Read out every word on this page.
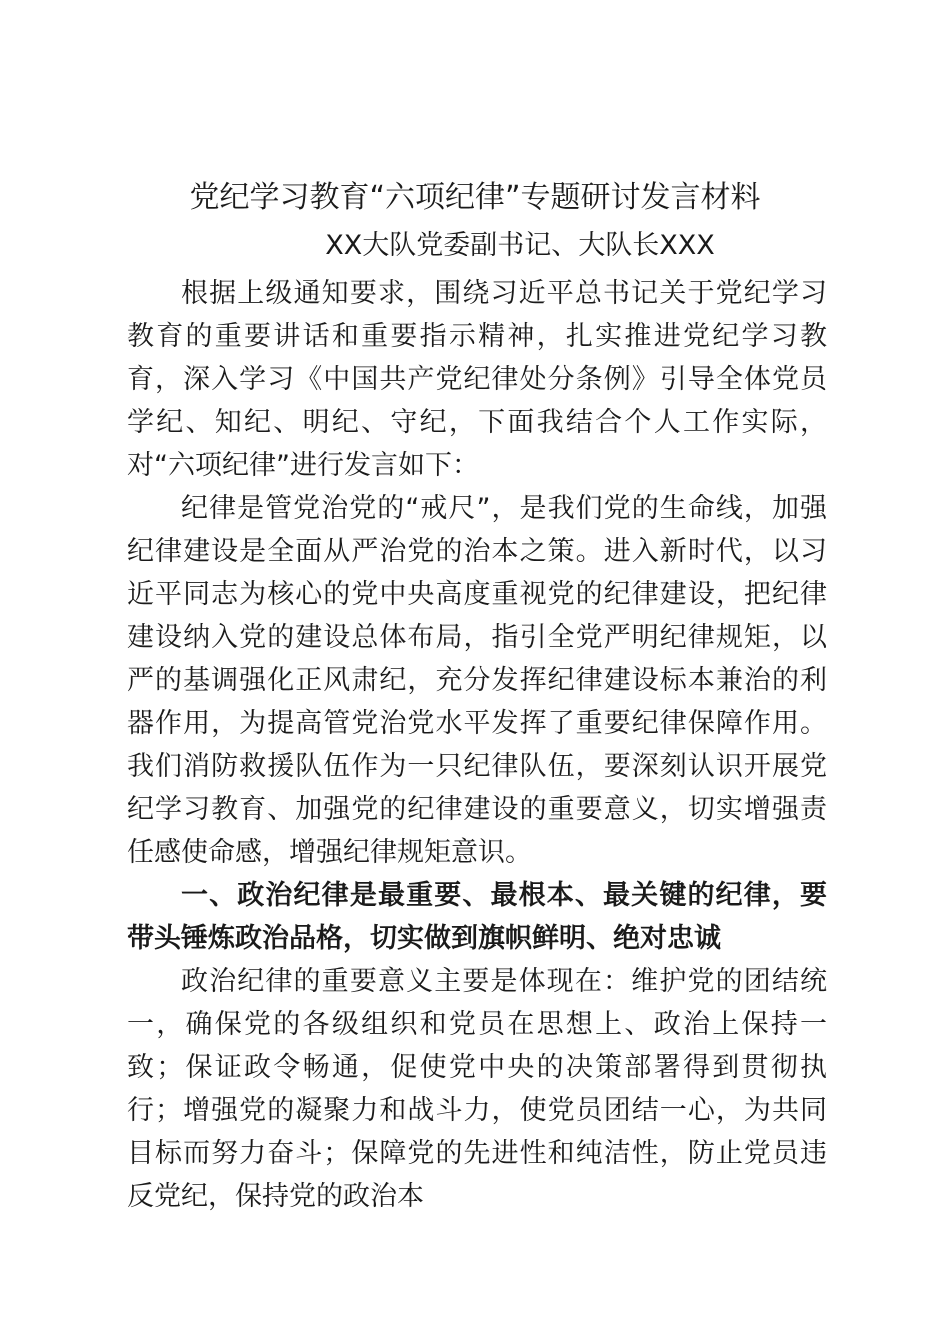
党纪学习教育“六项纪律”专题研讨发言材料
XX大队党委副书记、大队长XXX

根据上级通知要求，围绕习近平总书记关于党纪学习教育的重要讲话和重要指示精神，扎实推进党纪学习教育，深入学习《中国共产党纪律处分条例》引导全体党员学纪、知纪、明纪、守纪，下面我结合个人工作实际，对“六项纪律”进行发言如下：

纪律是管党治党的“戒尺”，是我们党的生命线，加强纪律建设是全面从严治党的治本之策。进入新时代，以习近平同志为核心的党中央高度重视党的纪律建设，把纪律建设纳入党的建设总体布局，指引全党严明纪律规矩，以严的基调强化正风肃纪，充分发挥纪律建设标本兼治的利器作用，为提高管党治党水平发挥了重要纪律保障作用。我们消防救援队伍作为一只纪律队伍，要深刻认识开展党纪学习教育、加强党的纪律建设的重要意义，切实增强责任感使命感，增强纪律规矩意识。

一、政治纪律是最重要、最根本、最关键的纪律，要带头锤炼政治品格，切实做到旗帜鲜明、绝对忠诚

政治纪律的重要意义主要是体现在：维护党的团结统一，确保党的各级组织和党员在思想上、政治上保持一致；保证政令畅通，促使党中央的决策部署得到贯彻执行；增强党的凝聚力和战斗力，使党员团结一心，为共同目标而努力奋斗；保障党的先进性和纯洁性，防止党员违反党纪，保持党的政治本
